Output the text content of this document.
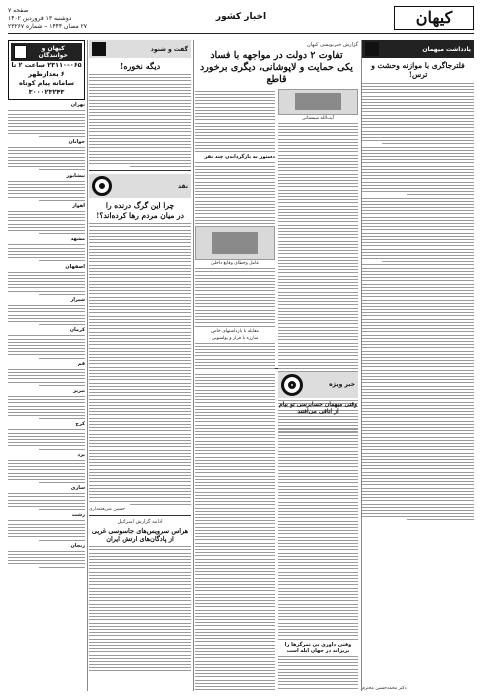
کیهان
اخبار کشور
صفحه ۷
دوشنبه ۱۳ فروردین ۱۴۰۲
۲۷ مضان ۱۴۴۴ – شماره ۲۳۲۶۷
یادداشت میهمان
فلترجاگری با موازنه وحشت و ترس!
دکتر محمدحسین محترم
گزارش خبرنویسی کیهان
تفاوت ۲ دولت در مواجهه با فساد
یکی حمایت و لاپوشانی، دیگری برخورد قاطع
آیت‌الله سیستانی
دستور به بازگرداندن چند نفر
عامل وخطای وقایع داخلی
مقابله با بازداشتهای خاص
مبارزه با فرار و پولشویی
خبر ویژه
وقتی میهمان حسابرسی تو بیام از اتاقی می‌افتند
وقتی داوری بی ثمرگرها را بریزاند در جهان ابله است
گفت و شنود
دیگه نخوره!
نقد
چرا این گرگ درنده را
در میان مردم رها کرده‌اند؟!
حسین شریعتمداری
ادامه گزارش اسرائیل
هراس سرویس‌های جاسوسی غربی
از پادگان‌های ارتش ایران
کیهان و خوانندگان
۲۳۱۱۰-۰۶۵ ساعت ۲ تا ۶ بعدازظهر
سامانه پیام کوتاه ۳۰۰۰۲۳۲۴۳
تهران
جوانان
نیشابور
اهواز
مشهد
اصفهان
شیراز
کرمان
قم
تبریز
کرج
یزد
ساری
رشت
زنجان
